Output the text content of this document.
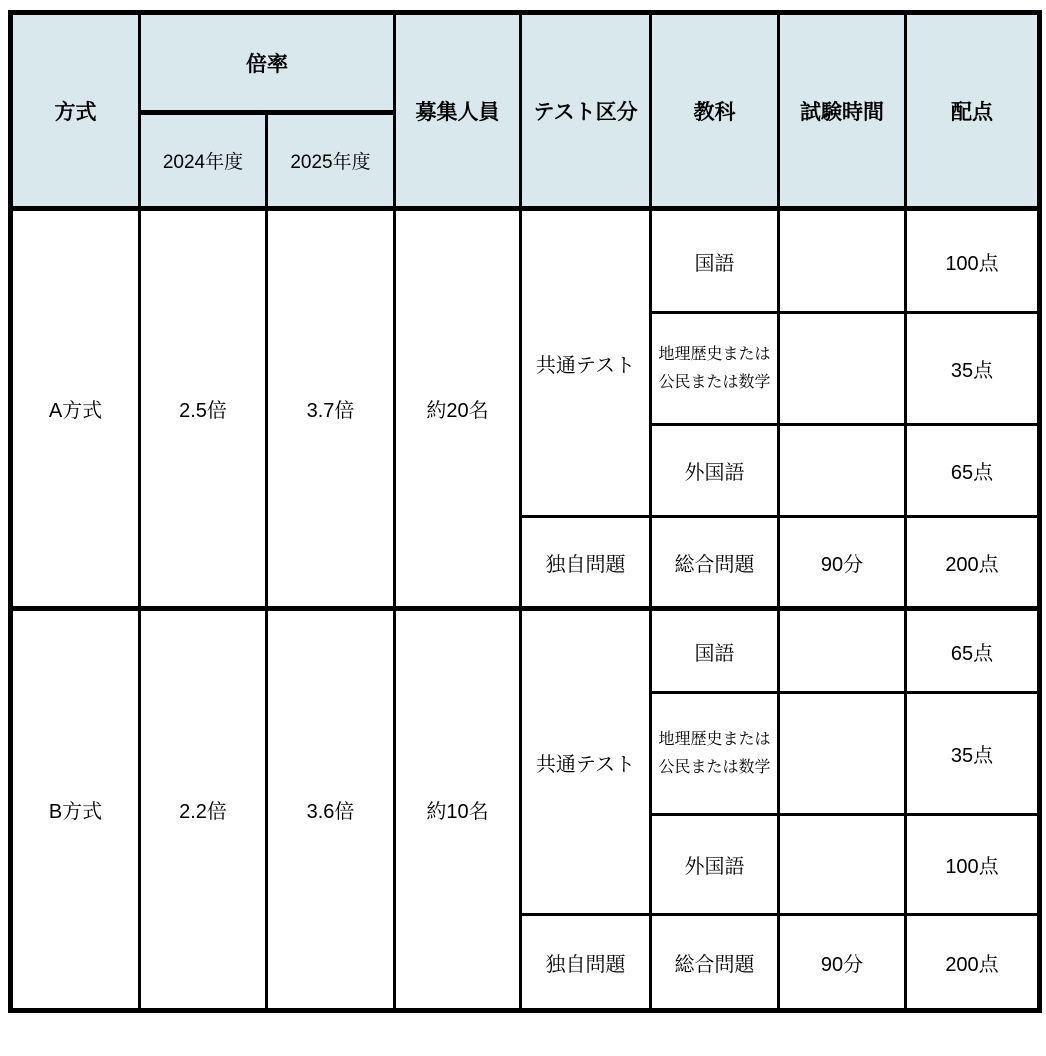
方式	倍率		募集人員	テスト区分	教科	試験時間	配点
	2024年度	2025年度					
A方式	2.5倍	3.7倍	約20名	共通テスト	国語		100点
					地理歴史または公民または数学		35点
					外国語		65点
				独自問題	総合問題	90分	200点
B方式	2.2倍	3.6倍	約10名	共通テスト	国語		65点
					地理歴史または公民または数学		35点
					外国語		100点
				独自問題	総合問題	90分	200点
